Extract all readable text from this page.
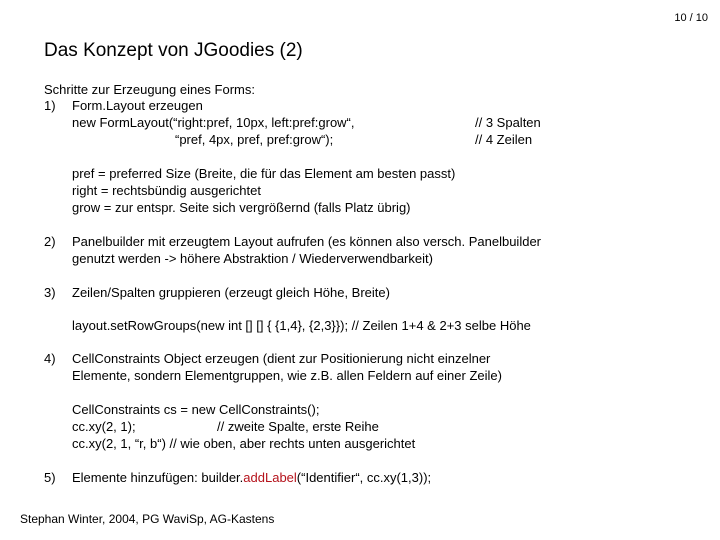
10 / 10
Das Konzept von JGoodies (2)
Schritte zur Erzeugung eines Forms:
1) Form.Layout erzeugen
new FormLayout(“right:pref, 10px, left:pref:grow“,	// 3 Spalten
“pref, 4px, pref, pref:grow“);	// 4 Zeilen
pref = preferred Size (Breite, die für das Element am besten passt)
right = rechtsbündig ausgerichtet
grow = zur entspr. Seite sich vergrößernd (falls Platz übrig)
2) Panelbuilder mit erzeugtem Layout aufrufen (es können also versch. Panelbuilder
genutzt werden -> höhere Abstraktion / Wiederverwendbarkeit)
3) Zeilen/Spalten gruppieren (erzeugt gleich Höhe, Breite)
layout.setRowGroups(new int [] [] { {1,4}, {2,3}}); // Zeilen 1+4 & 2+3 selbe Höhe
4) CellConstraints Object erzeugen (dient zur Positionierung nicht einzelner
Elemente, sondern Elementgruppen, wie z.B. allen Feldern auf einer Zeile)
CellConstraints cs = new CellConstraints();
cc.xy(2, 1);	// zweite Spalte, erste Reihe
cc.xy(2, 1, “r, b“) // wie oben, aber rechts unten ausgerichtet
5) Elemente hinzufügen: builder.addLabel(“Identifier“, cc.xy(1,3));
Stephan Winter, 2004, PG WaviSp, AG-Kastens
